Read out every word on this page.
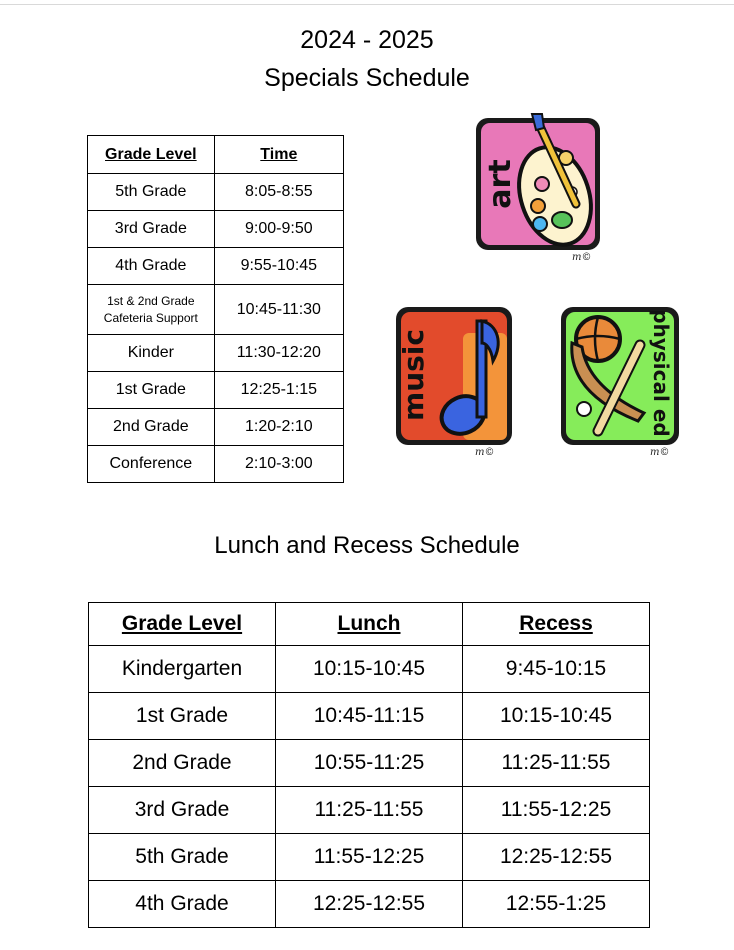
2024 - 2025
Specials Schedule
Grade Level	Time
5th Grade	8:05-8:55
3rd Grade	9:00-9:50
4th Grade	9:55-10:45

1st & 2nd Grade
Cafeteria Support	10:45-11:30
Kinder	11:30-12:20
1st Grade	12:25-1:15
2nd Grade	1:20-2:10
Conference	2:10-3:00
art
m©
music
m©
physical ed
m©
Lunch and Recess Schedule
Grade Level	Lunch	Recess
Kindergarten	10:15-10:45	9:45-10:15
1st Grade	10:45-11:15	10:15-10:45
2nd Grade	10:55-11:25	11:25-11:55
3rd Grade	11:25-11:55	11:55-12:25
5th Grade	11:55-12:25	12:25-12:55
4th Grade	12:25-12:55	12:55-1:25
